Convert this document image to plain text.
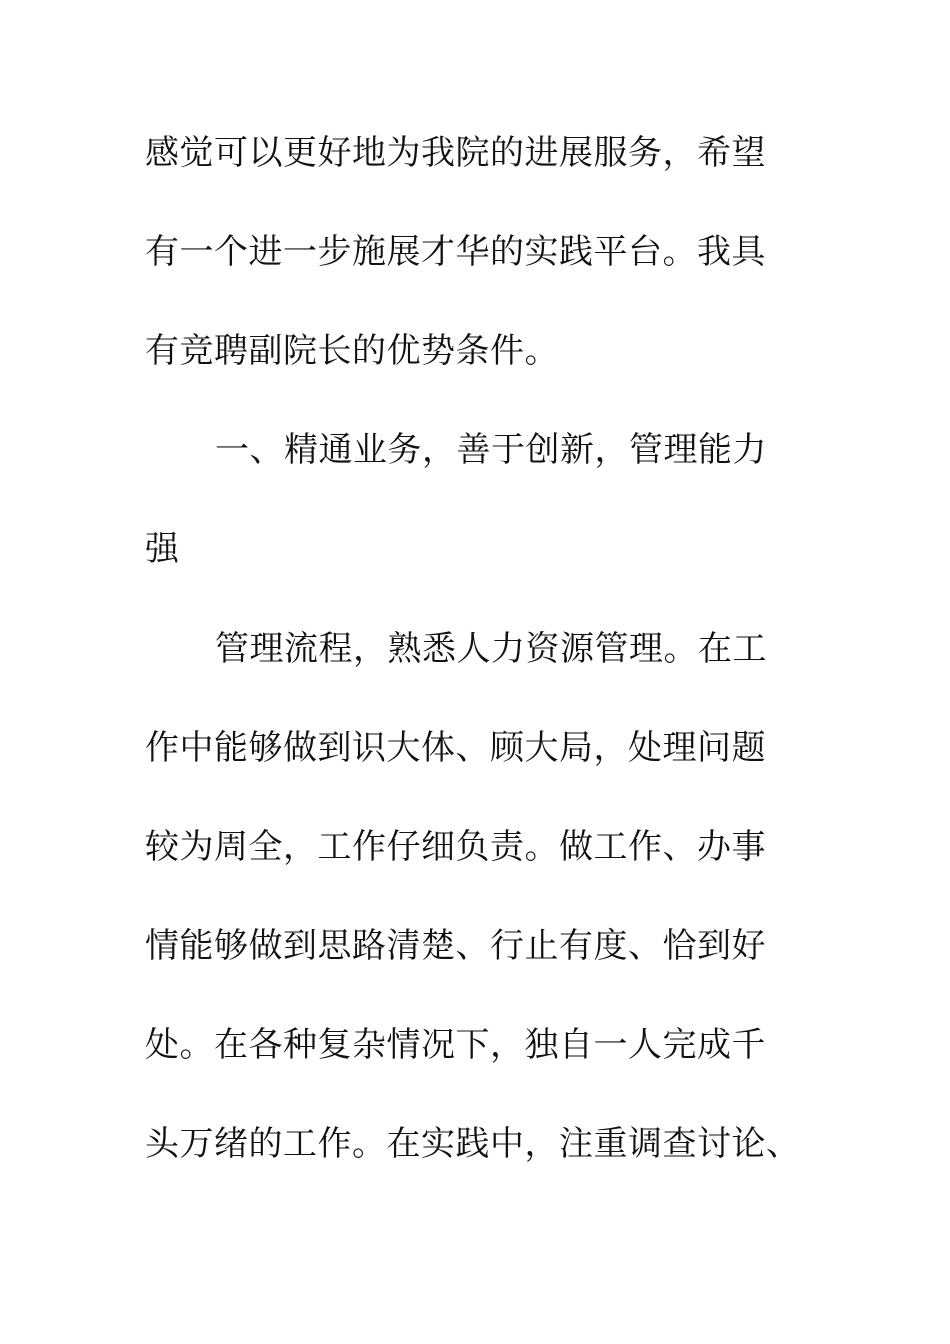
感觉可以更好地为我院的进展服务，希望
有一个进一步施展才华的实践平台。我具
有竞聘副院长的优势条件。
一、精通业务，善于创新，管理能力
强
管理流程，熟悉人力资源管理。在工
作中能够做到识大体、顾大局，处理问题
较为周全，工作仔细负责。做工作、办事
情能够做到思路清楚、行止有度、恰到好
处。在各种复杂情况下，独自一人完成千
头万绪的工作。在实践中，注重调查讨论、
